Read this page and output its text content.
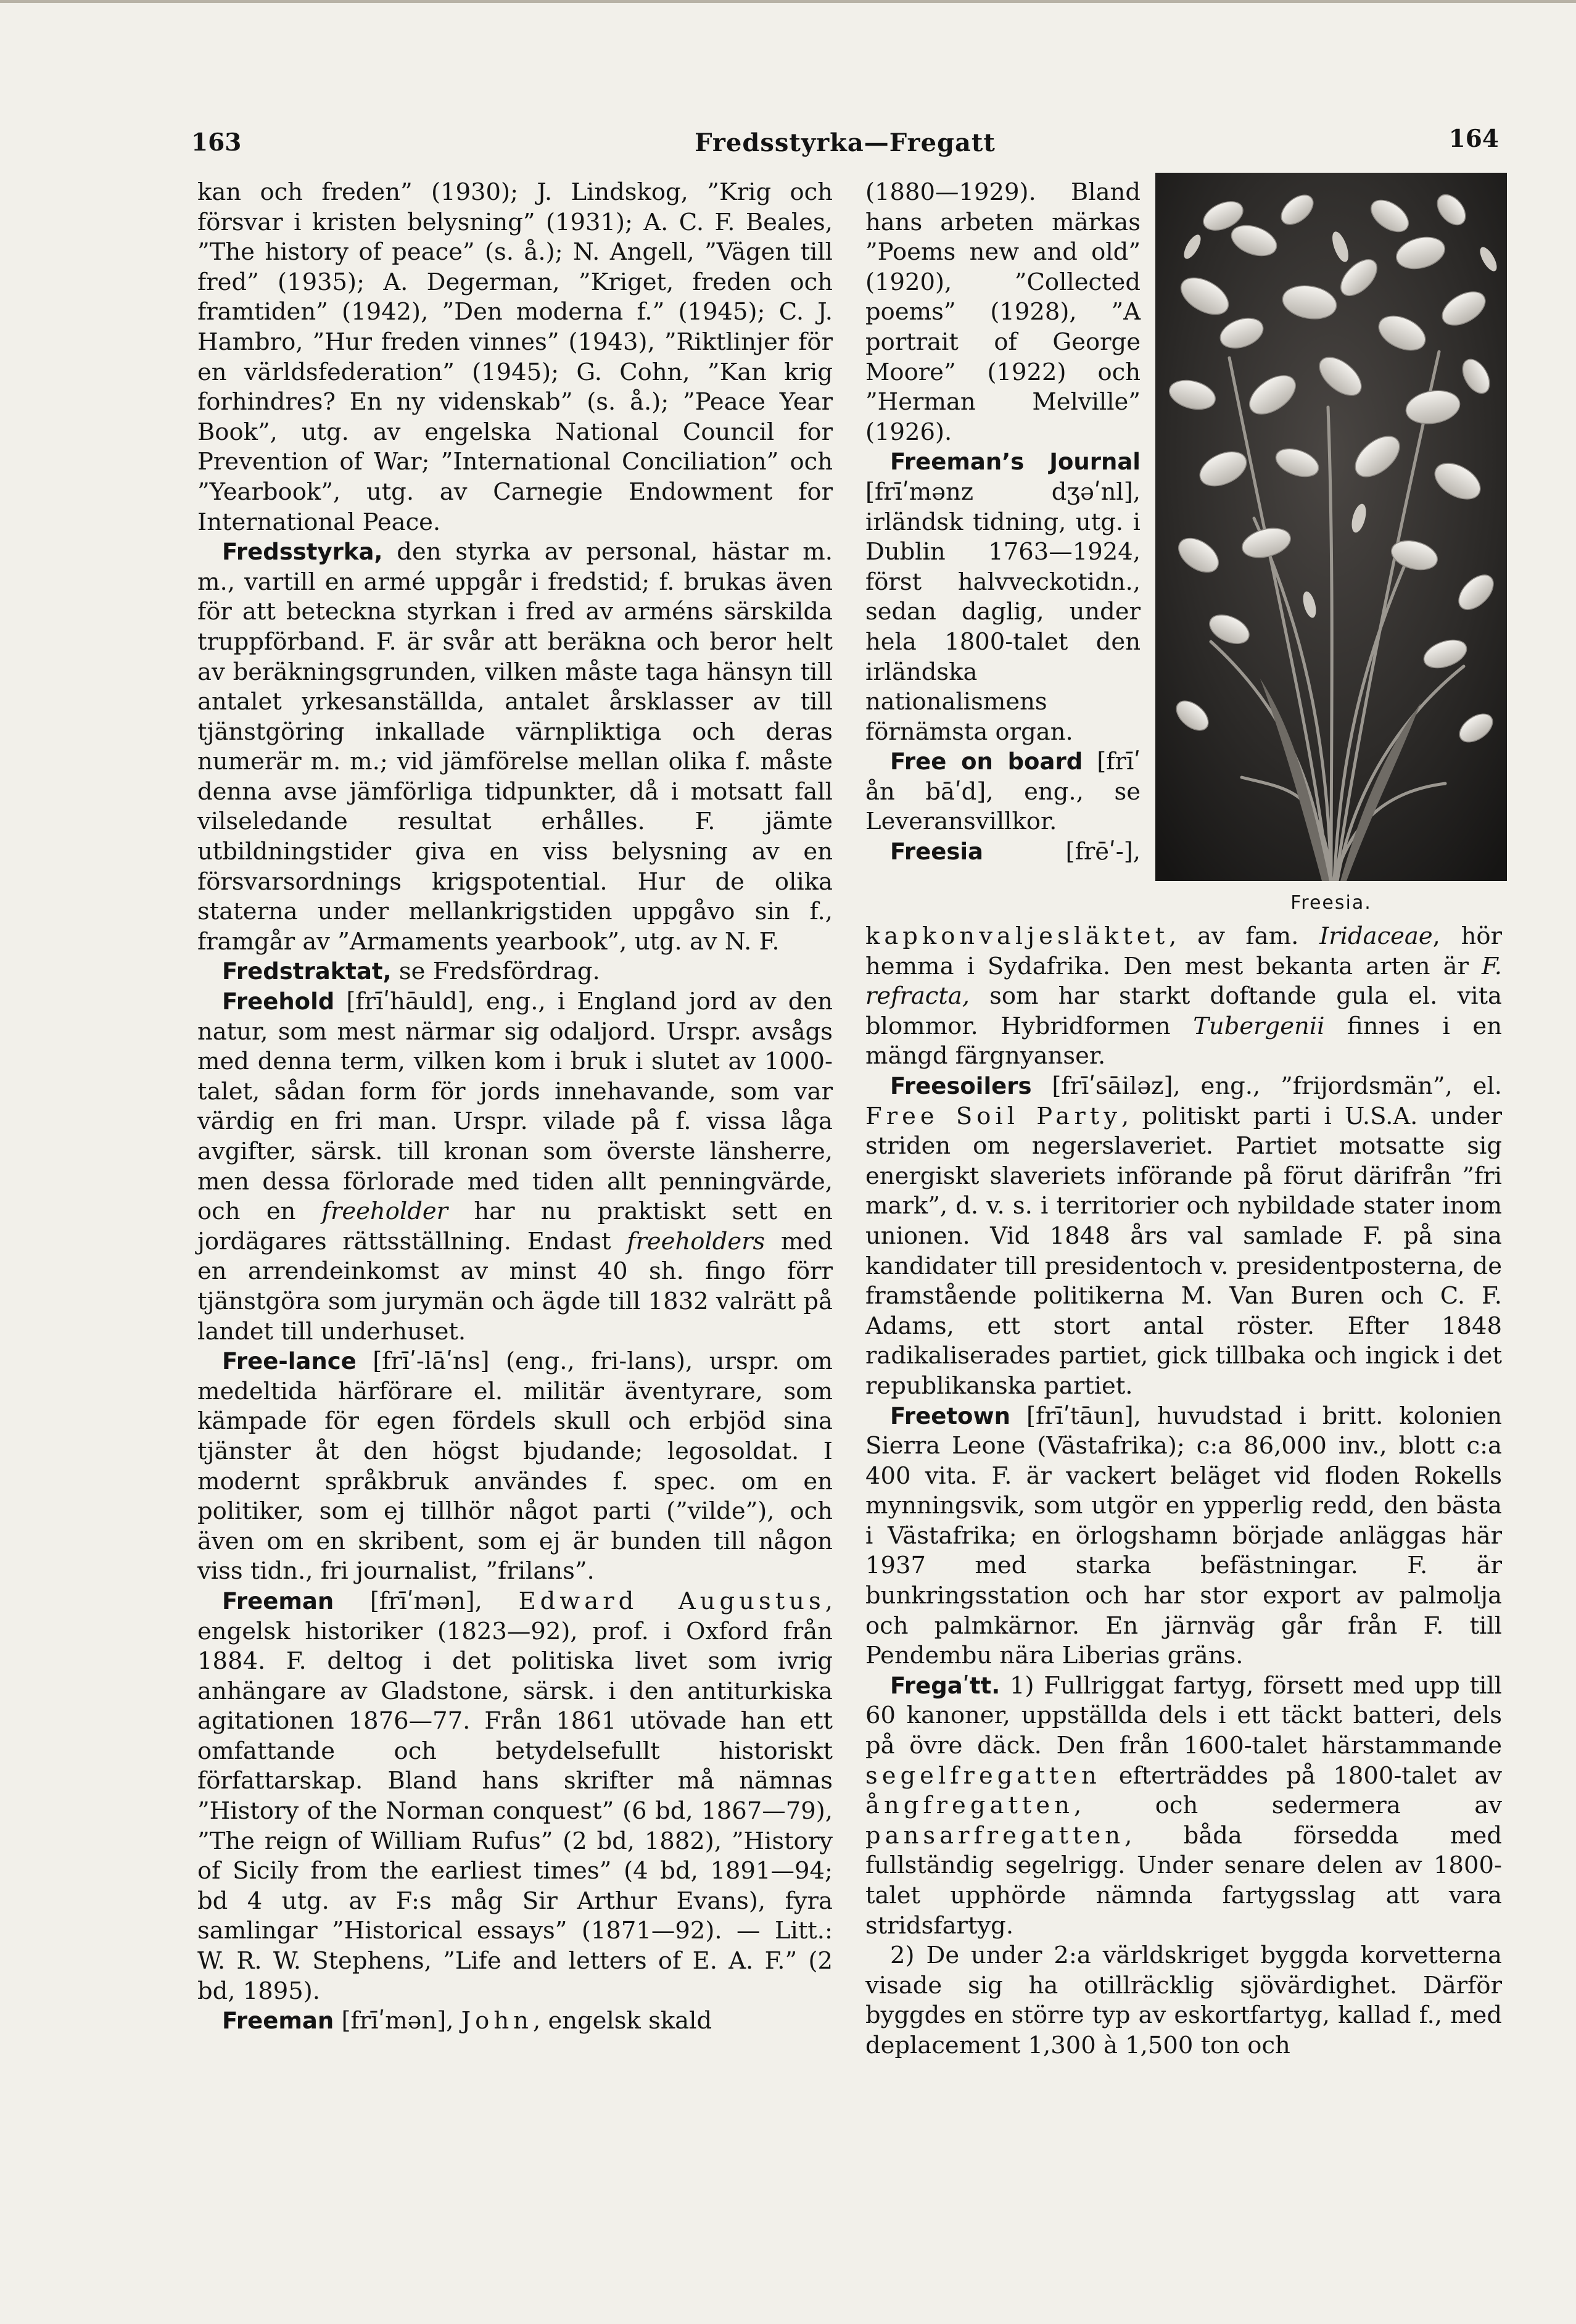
163	Fredsstyrka—Fregatt	164

kan och freden” (1930); J. Lindskog, ”Krig och försvar i kristen belysning” (1931); A. C. F. Beales, ”The history of peace” (s. å.); N. Angell, ”Vägen till fred” (1935); A. Degerman, ”Kriget, freden och framtiden” (1942), ”Den moderna f.” (1945); C. J. Hambro, ”Hur freden vinnes” (1943), ”Riktlinjer för en världsfederation” (1945); G. Cohn, ”Kan krig forhindres? En ny videnskab” (s. å.); ”Peace Year Book”, utg. av engelska National Council for Prevention of War; ”International Conciliation” och ”Yearbook”, utg. av Carnegie Endowment for International Peace.

Fredsstyrka, den styrka av personal, hästar m. m., vartill en armé uppgår i fredstid; f. brukas även för att beteckna styrkan i fred av arméns särskilda truppförband. F. är svår att beräkna och beror helt av beräkningsgrunden, vilken måste taga hänsyn till antalet yrkesanställda, antalet årsklasser av till tjänstgöring inkallade värnpliktiga och deras numerär m. m.; vid jämförelse mellan olika f. måste denna avse jämförliga tidpunkter, då i motsatt fall vilseledande resultat erhålles. F. jämte utbildningstider giva en viss belysning av en försvarsordnings krigspotential. Hur de olika staterna under mellankrigstiden uppgåvo sin f., framgår av ”Armaments yearbook”, utg. av N. F.

Fredstraktat, se Fredsfördrag.

Freehold [frīʹhāuld], eng., i England jord av den natur, som mest närmar sig odaljord. Urspr. avsågs med denna term, vilken kom i bruk i slutet av 1000-talet, sådan form för jords innehavande, som var värdig en fri man. Urspr. vilade på f. vissa låga avgifter, särsk. till kronan som överste länsherre, men dessa förlorade med tiden allt penningvärde, och en freeholder har nu praktiskt sett en jordägares rättsställning. Endast freeholders med en arrendeinkomst av minst 40 sh. fingo förr tjänstgöra som jurymän och ägde till 1832 valrätt på landet till underhuset.

Free-lance [frīʹ-lāʹns] (eng., fri-lans), urspr. om medeltida härförare el. militär äventyrare, som kämpade för egen fördels skull och erbjöd sina tjänster åt den högst bjudande; legosoldat. I modernt språkbruk användes f. spec. om en politiker, som ej tillhör något parti (”vilde”), och även om en skribent, som ej är bunden till någon viss tidn., fri journalist, ”frilans”.

Freeman [frīʹmən], Edward Augustus, engelsk historiker (1823—92), prof. i Oxford från 1884. F. deltog i det politiska livet som ivrig anhängare av Gladstone, särsk. i den antiturkiska agitationen 1876—77. Från 1861 utövade han ett omfattande och betydelsefullt historiskt författarskap. Bland hans skrifter må nämnas ”History of the Norman conquest” (6 bd, 1867—79), ”The reign of William Rufus” (2 bd, 1882), ”History of Sicily from the earliest times” (4 bd, 1891—94; bd 4 utg. av F:s måg Sir Arthur Evans), fyra samlingar ”Historical essays” (1871—92). — Litt.: W. R. W. Stephens, ”Life and letters of E. A. F.” (2 bd, 1895).

Freeman [frīʹmən], John, engelsk skald

Freesia.

(1880—1929). Bland hans arbeten märkas ”Poems new and old” (1920), ”Collected poems” (1928), ”A portrait of George Moore” (1922) och ”Herman Melville” (1926).

Freeman’s Journal [frīʹmənz dʒəʹnl], irländsk tidning, utg. i Dublin 1763—1924, först halvveckotidn., sedan daglig, under hela 1800-talet den irländska nationalismens förnämsta organ.

Free on board [frīʹ ån bāʹd], eng., se Leveransvillkor.

Freesia [frēʹ-], kapkonvaljesläktet, av fam. Iridaceae, hör hemma i Sydafrika. Den mest bekanta arten är F. refracta, som har starkt doftande gula el. vita blommor. Hybridformen Tubergenii finnes i en mängd färgnyanser.

Freesoilers [frīʹsāiləz], eng., ”frijordsmän”, el. Free Soil Party, politiskt parti i U.S.A. under striden om negerslaveriet. Partiet motsatte sig energiskt slaveriets införande på förut därifrån ”fri mark”, d. v. s. i territorier och nybildade stater inom unionen. Vid 1848 års val samlade F. på sina kandidater till presidentoch v. presidentposterna, de framstående politikerna M. Van Buren och C. F. Adams, ett stort antal röster. Efter 1848 radikaliserades partiet, gick tillbaka och ingick i det republikanska partiet.

Freetown [frīʹtāun], huvudstad i britt. kolonien Sierra Leone (Västafrika); c:a 86,000 inv., blott c:a 400 vita. F. är vackert beläget vid floden Rokells mynningsvik, som utgör en ypperlig redd, den bästa i Västafrika; en örlogshamn började anläggas här 1937 med starka befästningar. F. är bunkringsstation och har stor export av palmolja och palmkärnor. En järnväg går från F. till Pendembu nära Liberias gräns.

Fregaʹtt. 1) Fullriggat fartyg, försett med upp till 60 kanoner, uppställda dels i ett täckt batteri, dels på övre däck. Den från 1600-talet härstammande segelfregatten efterträddes på 1800-talet av ångfregatten, och sedermera av pansarfregatten, båda försedda med fullständig segelrigg. Under senare delen av 1800-talet upphörde nämnda fartygsslag att vara stridsfartyg.

2) De under 2:a världskriget byggda korvetterna visade sig ha otillräcklig sjövärdighet. Därför byggdes en större typ av eskortfartyg, kallad f., med deplacement 1,300 à 1,500 ton och
